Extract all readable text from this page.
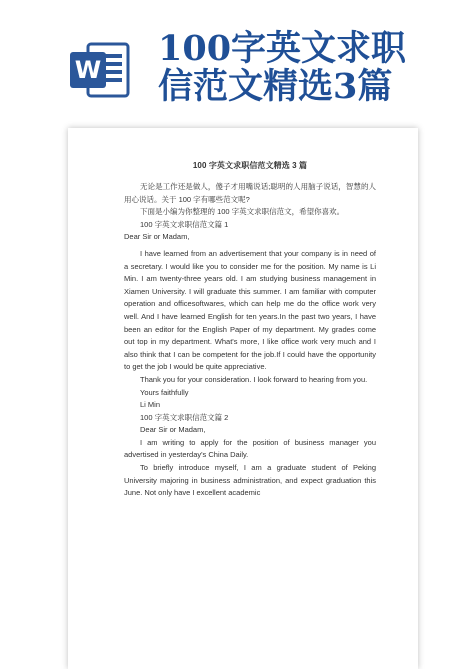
W
100字英文求职
信范文精选3篇
100 字英文求职信范文精选 3 篇

无论是工作还是做人，傻子才用嘴说话;聪明的人用脑子说话，智慧的人用心说话。关于 100 字有哪些范文呢?

下面是小编为你整理的 100 字英文求职信范文，希望你喜欢。

100 字英文求职信范文篇 1

Dear Sir or Madam,

I have learned from an advertisement that your company is in need of a secretary. I would like you to consider me for the position. My name is Li Min. I am twenty-three years old. I am studying business management in Xiamen University. I will graduate this summer. I am familiar with computer operation and officesoftwares, which can help me do the office work very well. And I have learned English for ten years.In the past two years, I have been an editor for the English Paper of my department. My grades come out top in my department. What's more, I like office work very much and I also think that I can be competent for the job.If I could have the opportunity to get the job I would be quite appreciative.

Thank you for your consideration. I look forward to hearing from you.

Yours faithfully

Li Min

100 字英文求职信范文篇 2

Dear Sir or Madam,

I am writing to apply for the position of business manager you advertised in yesterday's China Daily.

To briefly introduce myself, I am a graduate student of Peking University majoring in business administration, and expect graduation this June. Not only have I excellent academic
